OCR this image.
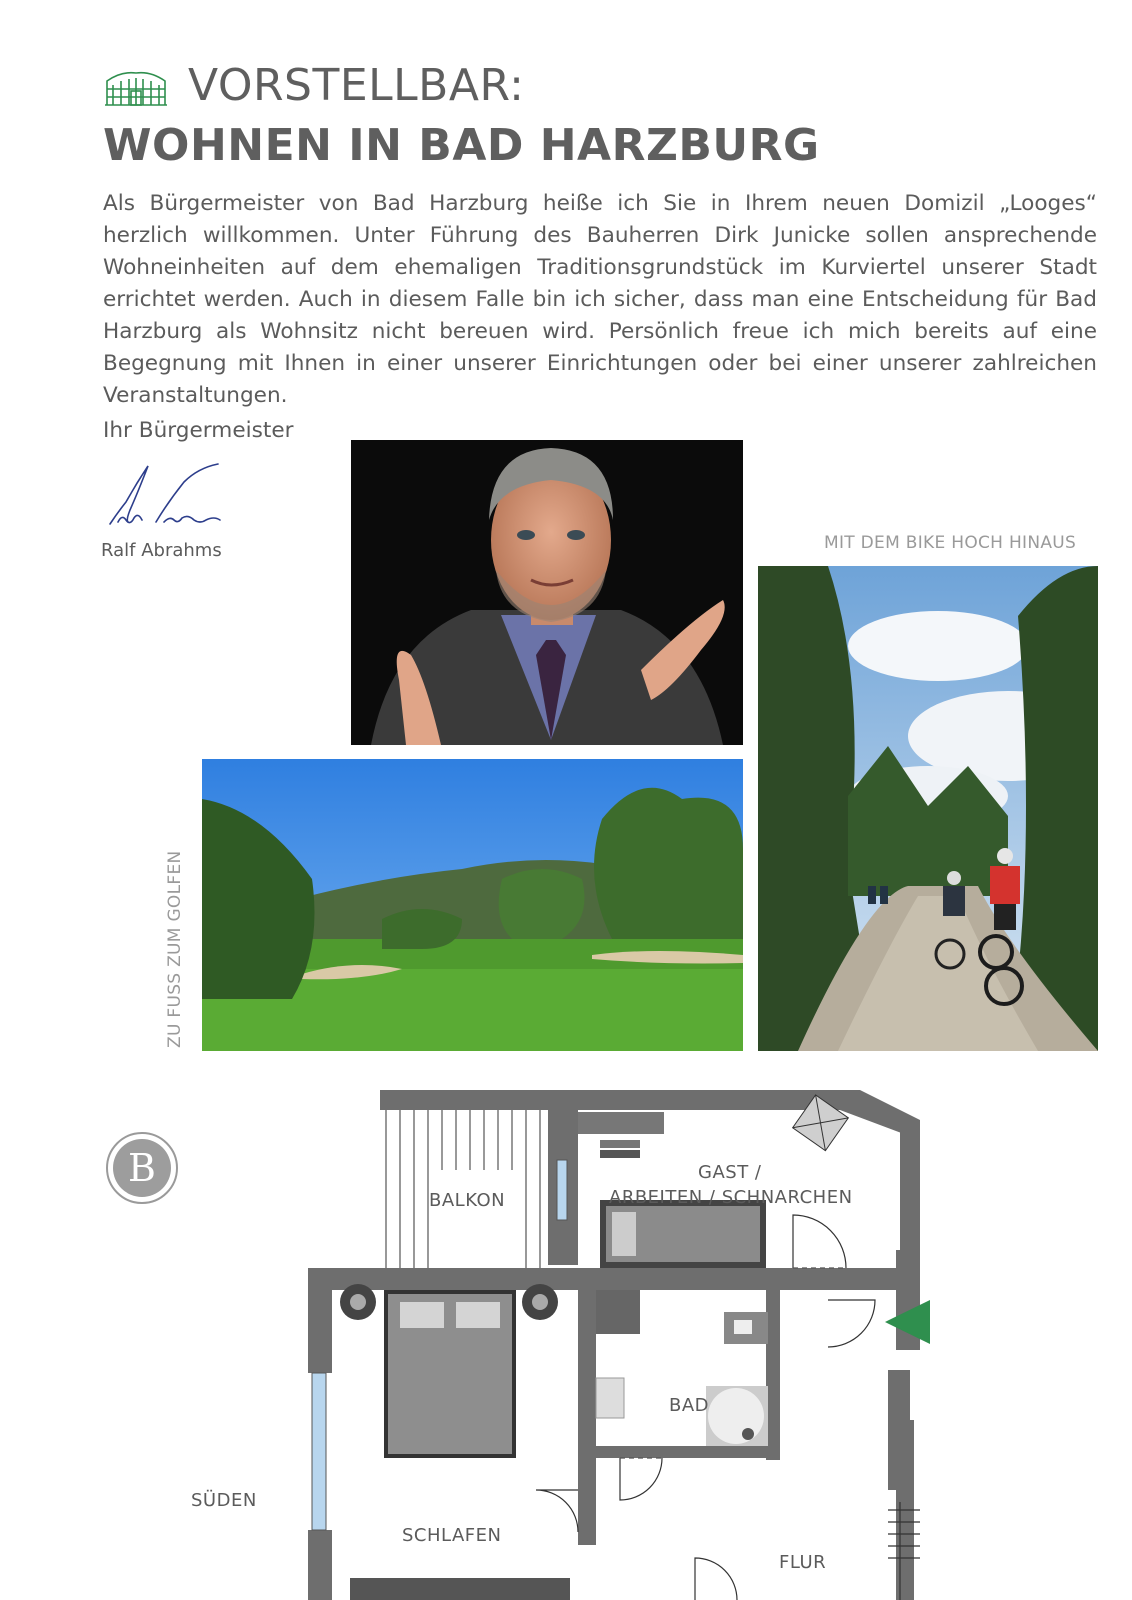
VORSTELLBAR:
WOHNEN IN BAD HARZBURG

Als Bürgermeister von Bad Harzburg heiße ich Sie in Ihrem neuen Domizil „Looges“ herzlich willkommen. Unter Führung des Bauherren Dirk Junicke sollen ansprechende Wohneinheiten auf dem ehemaligen Traditionsgrundstück im Kurviertel unserer Stadt errichtet werden. Auch in diesem Falle bin ich sicher, dass man eine Entscheidung für Bad Harzburg als Wohnsitz nicht bereuen wird. Persönlich freue ich mich bereits auf eine Begegnung mit Ihnen in einer unserer Einrichtungen oder bei einer unserer zahlreichen Veranstaltungen.

Ihr Bürgermeister
Ralf Abrahms	MIT DEM BIKE HOCH HINAUS
ZU FUSS ZUM GOLFEN
B
BALKON
GAST /
ARBEITEN / SCHNARCHEN
BAD
SCHLAFEN
FLUR
SÜDEN
